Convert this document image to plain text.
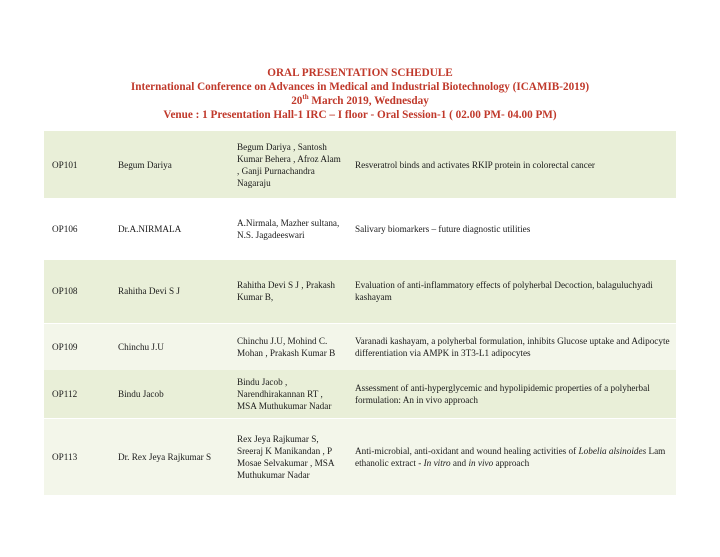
ORAL PRESENTATION SCHEDULE
International Conference on Advances in Medical and Industrial Biotechnology (ICAMIB-2019)
20th March 2019, Wednesday
Venue : 1 Presentation Hall-1 IRC – I floor - Oral Session-1 ( 02.00 PM- 04.00 PM)
OP101	Begum Dariya	Begum Dariya , Santosh Kumar Behera , Afroz Alam , Ganji Purnachandra Nagaraju	Resveratrol binds and activates RKIP protein in colorectal cancer
OP106	Dr.A.NIRMALA	A.Nirmala, Mazher sultana, N.S. Jagadeeswari	Salivary biomarkers – future diagnostic utilities
OP108	Rahitha Devi S J	Rahitha Devi S J , Prakash Kumar B,	Evaluation of anti-inflammatory effects of polyherbal Decoction, balaguluchyadi kashayam
OP109	Chinchu J.U	Chinchu J.U, Mohind C. Mohan , Prakash Kumar B	Varanadi kashayam, a polyherbal formulation, inhibits Glucose uptake and Adipocyte differentiation via AMPK in 3T3-L1 adipocytes
OP112	Bindu Jacob	Bindu Jacob , Narendhirakannan RT , MSA Muthukumar Nadar	Assessment of anti-hyperglycemic and hypolipidemic properties of a polyherbal formulation: An in vivo approach
OP113	Dr. Rex Jeya Rajkumar S	Rex Jeya Rajkumar S, Sreeraj K Manikandan , P Mosae Selvakumar , MSA Muthukumar Nadar	Anti-microbial, anti-oxidant and wound healing activities of Lobelia alsinoides Lam ethanolic extract - In vitro and in vivo approach
